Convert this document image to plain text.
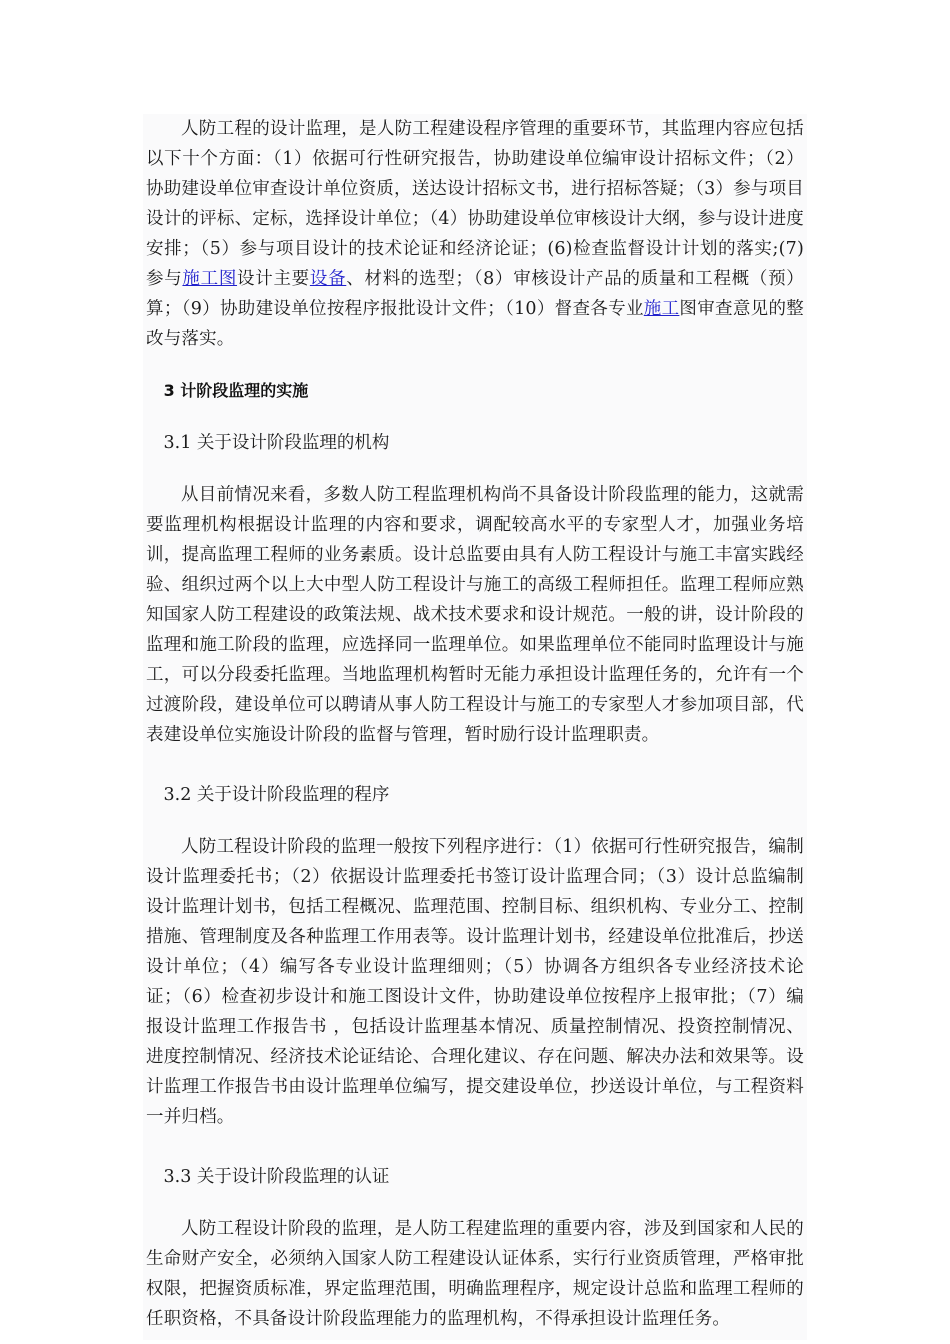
人防工程的设计监理，是人防工程建设程序管理的重要环节，其监理内容应包括以下十个方面：（1）依据可行性研究报告，协助建设单位编审设计招标文件；（2）协助建设单位审查设计单位资质，送达设计招标文书，进行招标答疑；（3）参与项目设计的评标、定标，选择设计单位；（4）协助建设单位审核设计大纲，参与设计进度安排；（5）参与项目设计的技术论证和经济论证；(6)检查监督设计计划的落实;(7)参与施工图设计主要设备、材料的选型；（8）审核设计产品的质量和工程概（预）算；（9）协助建设单位按程序报批设计文件；（10）督查各专业施工图审查意见的整改与落实。

3 计阶段监理的实施
3.1 关于设计阶段监理的机构

从目前情况来看，多数人防工程监理机构尚不具备设计阶段监理的能力，这就需要监理机构根据设计监理的内容和要求，调配较高水平的专家型人才，加强业务培训，提高监理工程师的业务素质。设计总监要由具有人防工程设计与施工丰富实践经验、组织过两个以上大中型人防工程设计与施工的高级工程师担任。监理工程师应熟知国家人防工程建设的政策法规、战术技术要求和设计规范。一般的讲，设计阶段的监理和施工阶段的监理，应选择同一监理单位。如果监理单位不能同时监理设计与施工，可以分段委托监理。当地监理机构暂时无能力承担设计监理任务的，允许有一个过渡阶段，建设单位可以聘请从事人防工程设计与施工的专家型人才参加项目部，代表建设单位实施设计阶段的监督与管理，暂时励行设计监理职责。

3.2 关于设计阶段监理的程序

人防工程设计阶段的监理一般按下列程序进行：（1）依据可行性研究报告，编制设计监理委托书；（2）依据设计监理委托书签订设计监理合同；（3）设计总监编制设计监理计划书，包括工程概况、监理范围、控制目标、组织机构、专业分工、控制措施、管理制度及各种监理工作用表等。设计监理计划书，经建设单位批准后，抄送设计单位；（4）编写各专业设计监理细则；（5）协调各方组织各专业经济技术论证；（6）检查初步设计和施工图设计文件，协助建设单位按程序上报审批；（7）编报设计监理工作报告书 ，包括设计监理基本情况、质量控制情况、投资控制情况、进度控制情况、经济技术论证结论、合理化建议、存在问题、解决办法和效果等。设计监理工作报告书由设计监理单位编写，提交建设单位，抄送设计单位，与工程资料一并归档。

3.3 关于设计阶段监理的认证

人防工程设计阶段的监理，是人防工程建监理的重要内容，涉及到国家和人民的生命财产安全，必须纳入国家人防工程建设认证体系，实行行业资质管理，严格审批权限，把握资质标准，界定监理范围，明确监理程序，规定设计总监和监理工程师的任职资格，不具备设计阶段监理能力的监理机构，不得承担设计监理任务。
